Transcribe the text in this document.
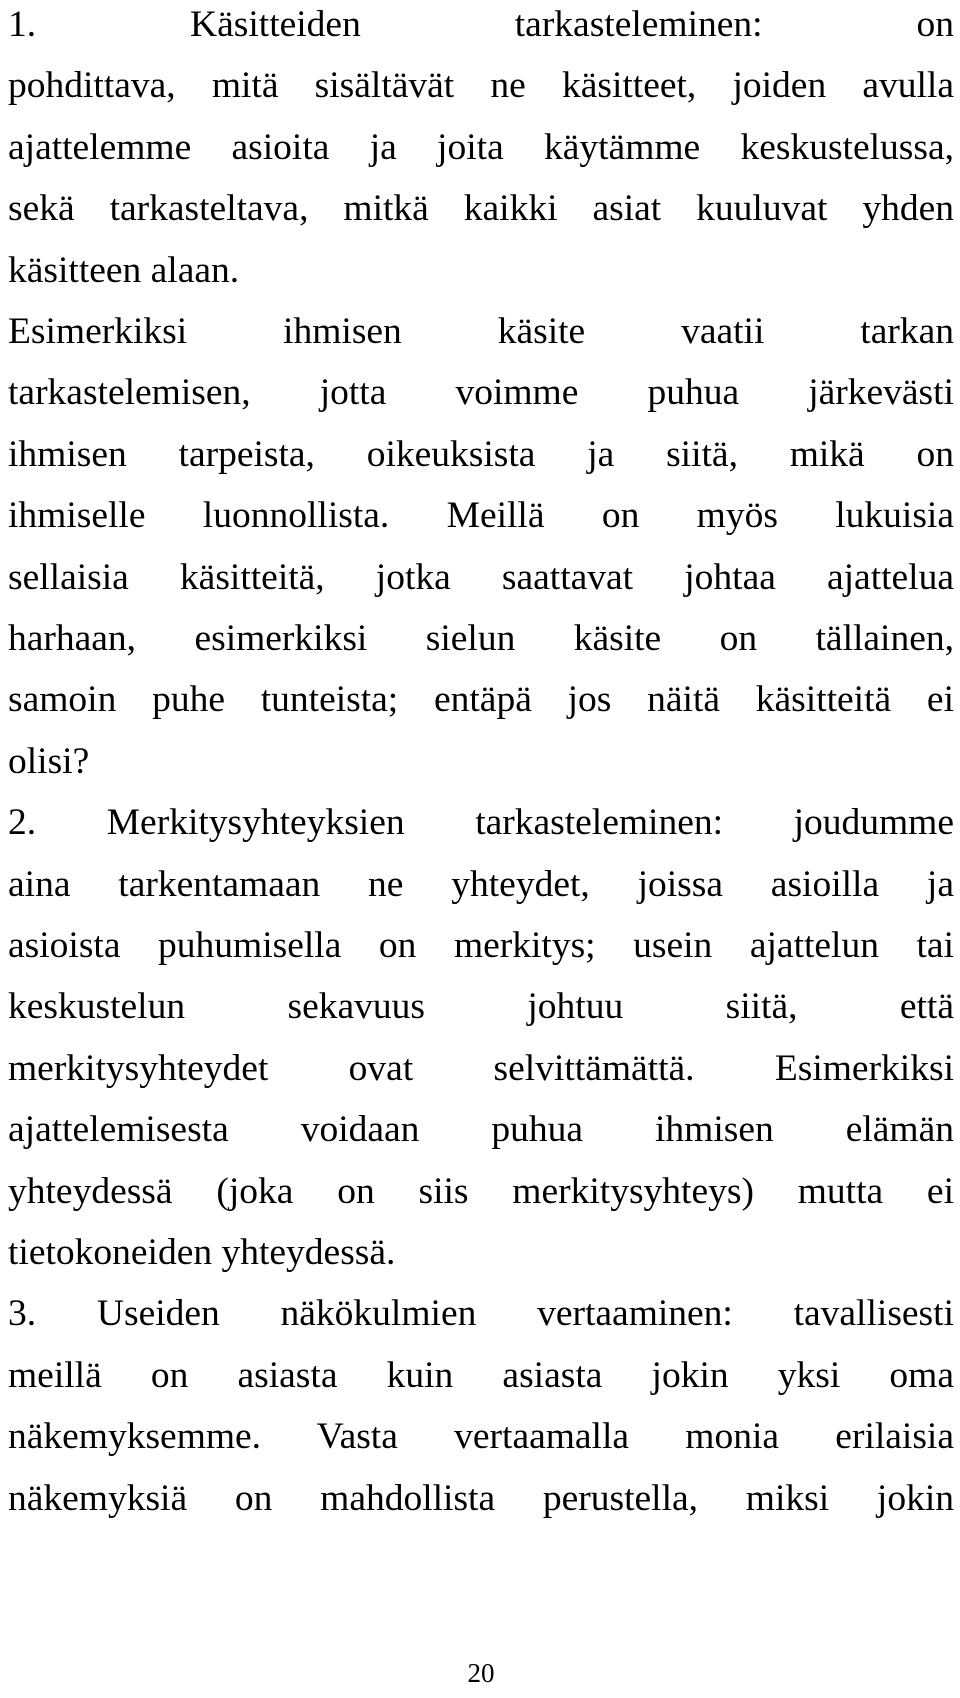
1. Käsitteiden tarkasteleminen: on
pohdittava, mitä sisältävät ne käsitteet, joiden avulla
ajattelemme asioita ja joita käytämme keskustelussa,
sekä tarkasteltava, mitkä kaikki asiat kuuluvat yhden
käsitteen alaan.
Esimerkiksi ihmisen käsite vaatii tarkan
tarkastelemisen, jotta voimme puhua järkevästi
ihmisen tarpeista, oikeuksista ja siitä, mikä on
ihmiselle luonnollista. Meillä on myös lukuisia
sellaisia käsitteitä, jotka saattavat johtaa ajattelua
harhaan, esimerkiksi sielun käsite on tällainen,
samoin puhe tunteista; entäpä jos näitä käsitteitä ei
olisi?
2. Merkitysyhteyksien tarkasteleminen: joudumme
aina tarkentamaan ne yhteydet, joissa asioilla ja
asioista puhumisella on merkitys; usein ajattelun tai
keskustelun sekavuus johtuu siitä, että
merkitysyhteydet ovat selvittämättä. Esimerkiksi
ajattelemisesta voidaan puhua ihmisen elämän
yhteydessä (joka on siis merkitysyhteys) mutta ei
tietokoneiden yhteydessä.
3. Useiden näkökulmien vertaaminen: tavallisesti
meillä on asiasta kuin asiasta jokin yksi oma
näkemyksemme. Vasta vertaamalla monia erilaisia
näkemyksiä on mahdollista perustella, miksi jokin
20
